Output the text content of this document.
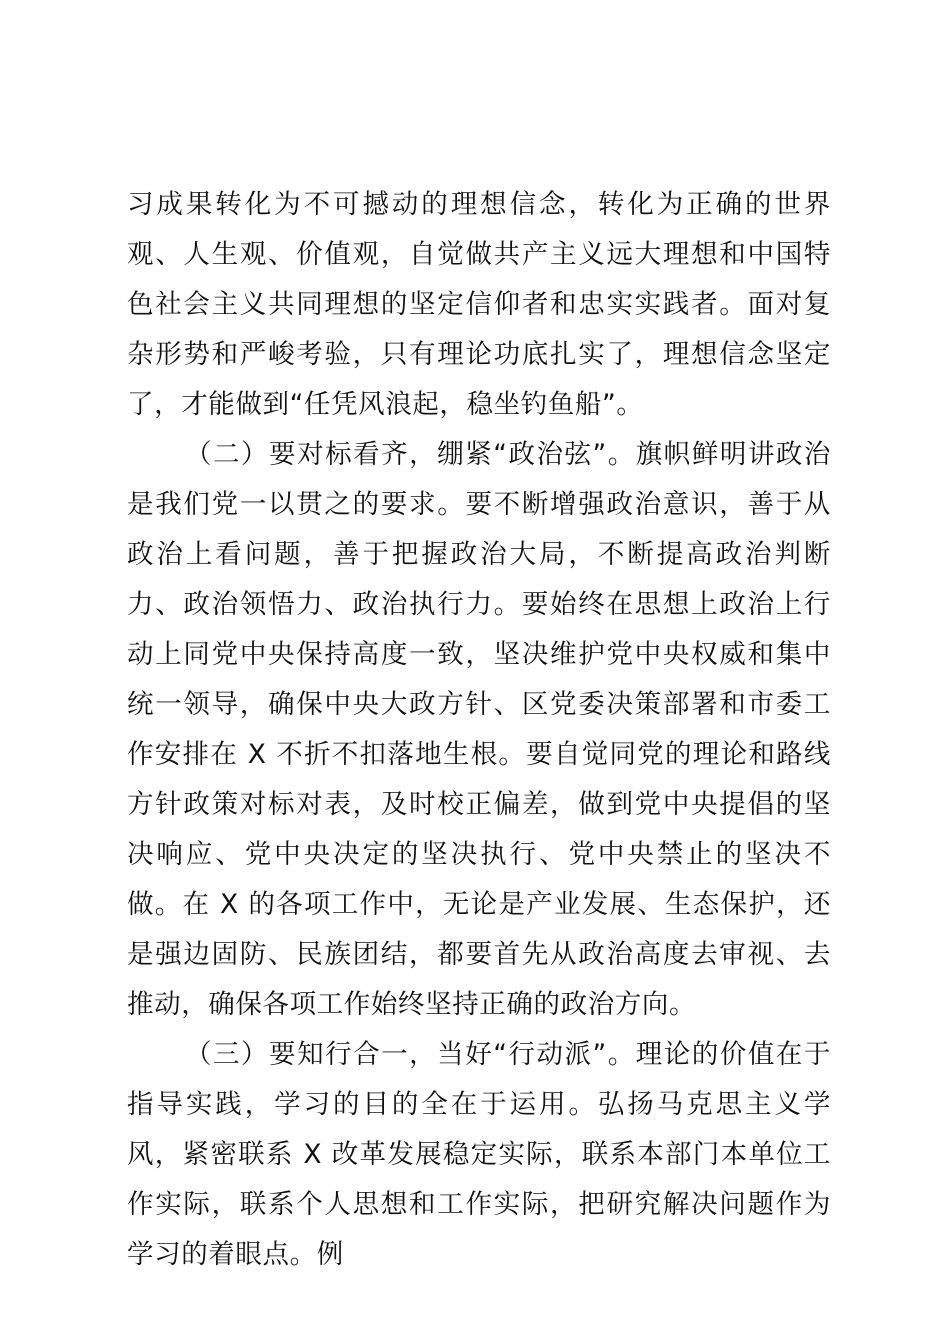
习成果转化为不可撼动的理想信念，转化为正确的世界观、人生观、价值观，自觉做共产主义远大理想和中国特色社会主义共同理想的坚定信仰者和忠实实践者。面对复杂形势和严峻考验，只有理论功底扎实了，理想信念坚定了，才能做到“任凭风浪起，稳坐钓鱼船”。

（二）要对标看齐，绷紧“政治弦”。旗帜鲜明讲政治是我们党一以贯之的要求。要不断增强政治意识，善于从政治上看问题，善于把握政治大局，不断提高政治判断力、政治领悟力、政治执行力。要始终在思想上政治上行动上同党中央保持高度一致，坚决维护党中央权威和集中统一领导，确保中央大政方针、区党委决策部署和市委工作安排在 X 不折不扣落地生根。要自觉同党的理论和路线方针政策对标对表，及时校正偏差，做到党中央提倡的坚决响应、党中央决定的坚决执行、党中央禁止的坚决不做。在 X 的各项工作中，无论是产业发展、生态保护，还是强边固防、民族团结，都要首先从政治高度去审视、去推动，确保各项工作始终坚持正确的政治方向。

（三）要知行合一，当好“行动派”。理论的价值在于指导实践，学习的目的全在于运用。弘扬马克思主义学风，紧密联系 X 改革发展稳定实际，联系本部门本单位工作实际，联系个人思想和工作实际，把研究解决问题作为学习的着眼点。例
